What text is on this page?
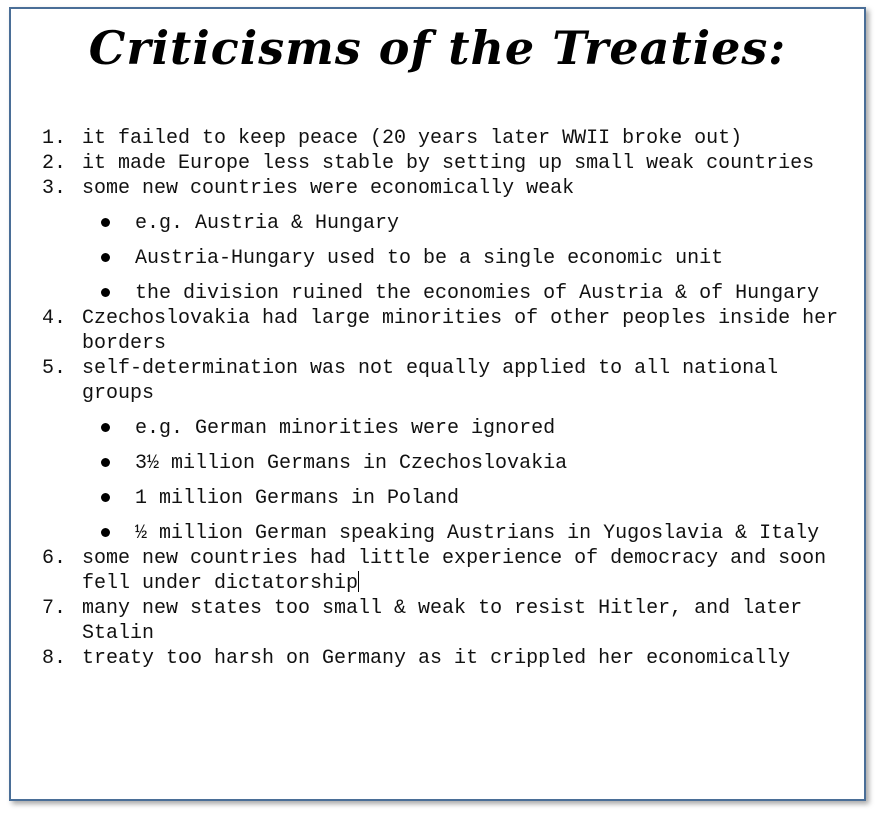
Criticisms of the Treaties:
1. it failed to keep peace (20 years later WWII broke out)
2. it made Europe less stable by setting up small weak countries
3. some new countries were economically weak
e.g. Austria & Hungary
Austria-Hungary used to be a single economic unit
the division ruined the economies of Austria & of Hungary
4. Czechoslovakia had large minorities of other peoples inside her borders
5. self-determination was not equally applied to all national groups
e.g. German minorities were ignored
3½ million Germans in Czechoslovakia
1 million Germans in Poland
½ million German speaking Austrians in Yugoslavia & Italy
6. some new countries had little experience of democracy and soon fell under dictatorship
7. many new states too small & weak to resist Hitler, and later Stalin
8. treaty too harsh on Germany as it crippled her economically
